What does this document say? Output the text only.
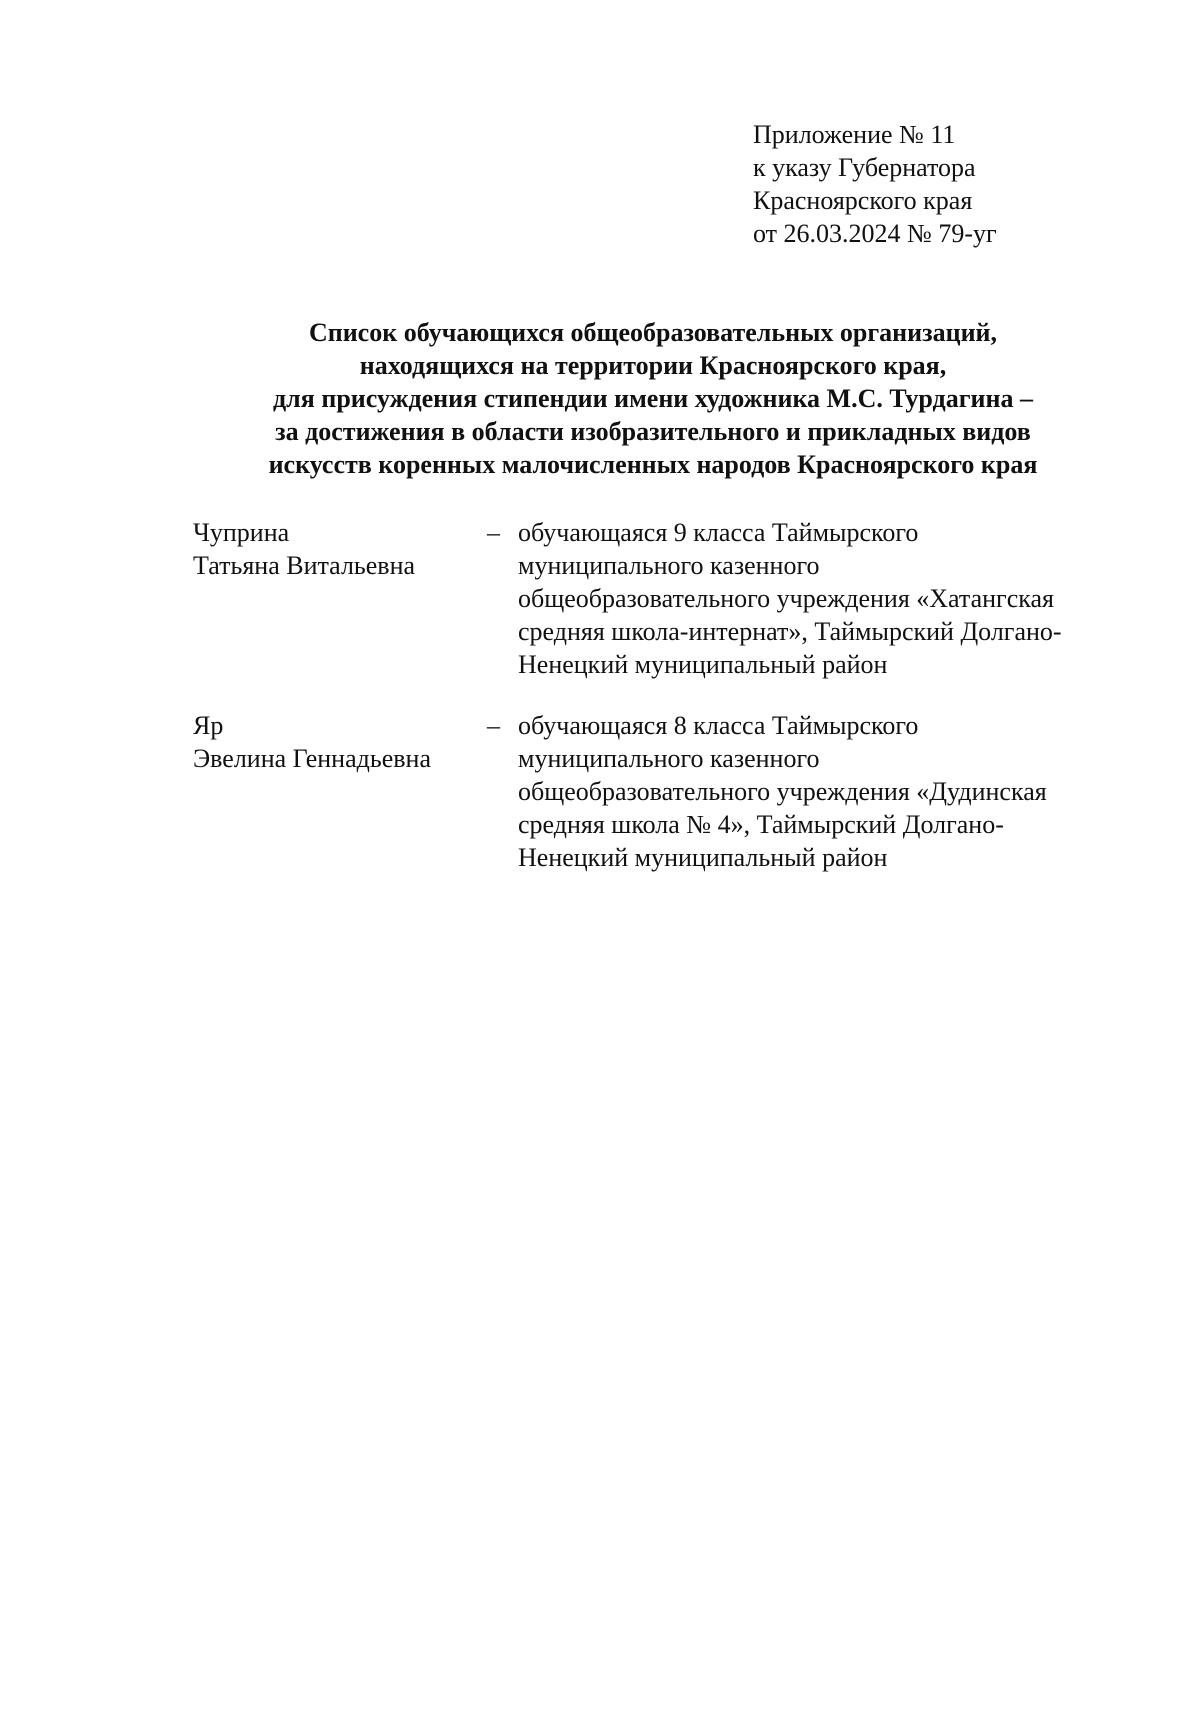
Приложение № 11
к указу Губернатора
Красноярского края
от 26.03.2024 № 79-уг
Список обучающихся общеобразовательных организаций,
находящихся на территории Красноярского края,
для присуждения стипендии имени художника М.С. Турдагина –
за достижения в области изобразительного и прикладных видов
искусств коренных малочисленных народов Красноярского края
Чуприна
Татьяна Витальевна
– обучающаяся 9 класса Таймырского
муниципального казенного
общеобразовательного учреждения «Хатангская
средняя школа-интернат», Таймырский Долгано-
Ненецкий муниципальный район
Яр
Эвелина Геннадьевна
– обучающаяся 8 класса Таймырского
муниципального казенного
общеобразовательного учреждения «Дудинская
средняя школа № 4», Таймырский Долгано-
Ненецкий муниципальный район
